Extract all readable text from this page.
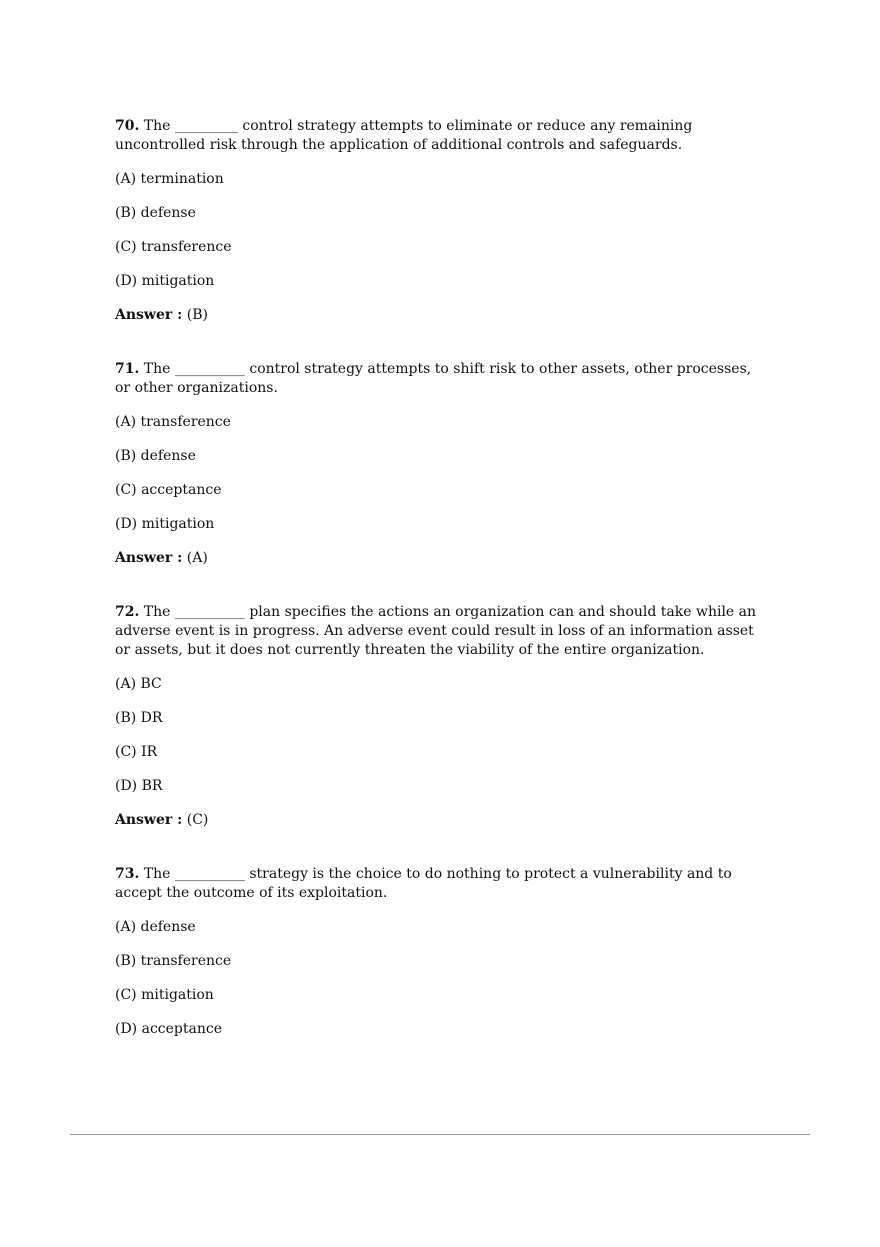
70. The _________ control strategy attempts to eliminate or reduce any remaining uncontrolled risk through the application of additional controls and safeguards.

(A) termination

(B) defense

(C) transference

(D) mitigation

Answer : (B)

71. The __________ control strategy attempts to shift risk to other assets, other processes, or other organizations.

(A) transference

(B) defense

(C) acceptance

(D) mitigation

Answer : (A)

72. The __________ plan specifies the actions an organization can and should take while an adverse event is in progress. An adverse event could result in loss of an information asset or assets, but it does not currently threaten the viability of the entire organization.

(A) BC

(B) DR

(C) IR

(D) BR

Answer : (C)

73. The __________ strategy is the choice to do nothing to protect a vulnerability and to accept the outcome of its exploitation.

(A) defense

(B) transference

(C) mitigation

(D) acceptance
